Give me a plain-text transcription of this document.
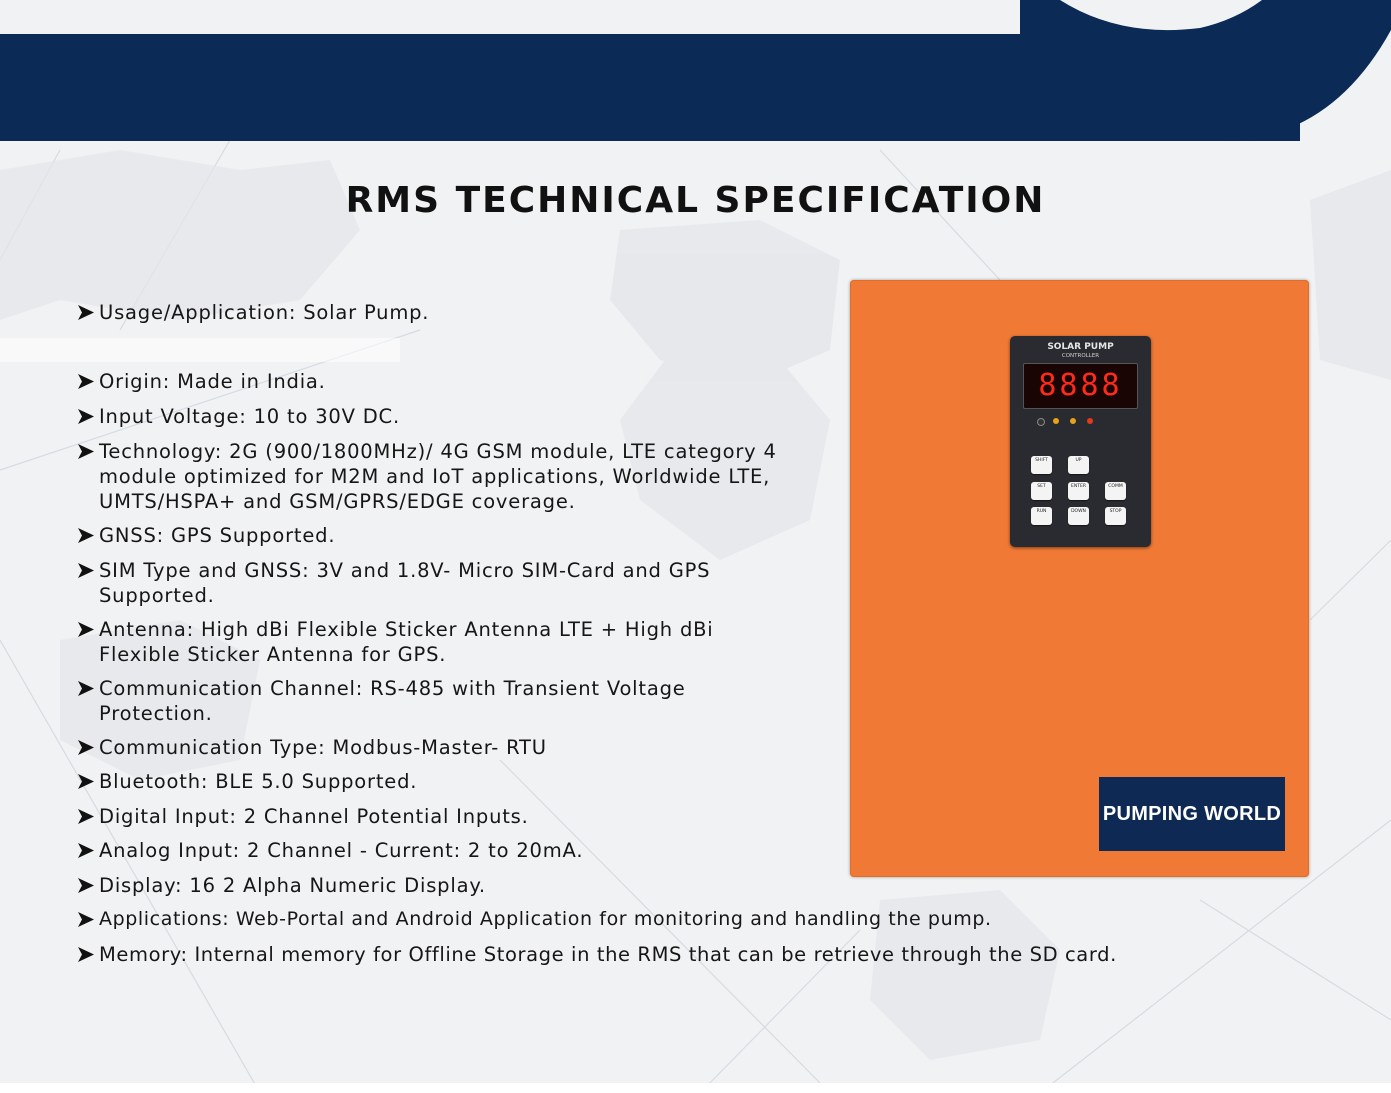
RMS TECHNICAL SPECIFICATION
Usage/Application: Solar Pump.
Origin: Made in India.
Input Voltage: 10 to 30V DC.
Technology: 2G (900/1800MHz)/ 4G GSM module, LTE category 4 module optimized for M2M and IoT applications, Worldwide LTE, UMTS/HSPA+ and GSM/GPRS/EDGE coverage.
GNSS: GPS Supported.
SIM Type and GNSS: 3V and 1.8V- Micro SIM-Card and GPS Supported.
Antenna: High dBi Flexible Sticker Antenna LTE + High dBi Flexible Sticker Antenna for GPS.
Communication Channel: RS-485 with Transient Voltage Protection.
Communication Type: Modbus-Master- RTU
Bluetooth: BLE 5.0 Supported.
Digital Input: 2 Channel Potential Inputs.
Analog Input: 2 Channel - Current: 2 to 20mA.
Display: 16 2 Alpha Numeric Display.
Applications: Web-Portal and Android Application for monitoring and handling the pump.
Memory: Internal memory for Offline Storage in the RMS that can be retrieve through the SD card.
SOLAR PUMP
CONTROLLER
8888
SHIFT	UP
SET	ENTER	COMM
RUN	DOWN	STOP
PUMPING WORLD
